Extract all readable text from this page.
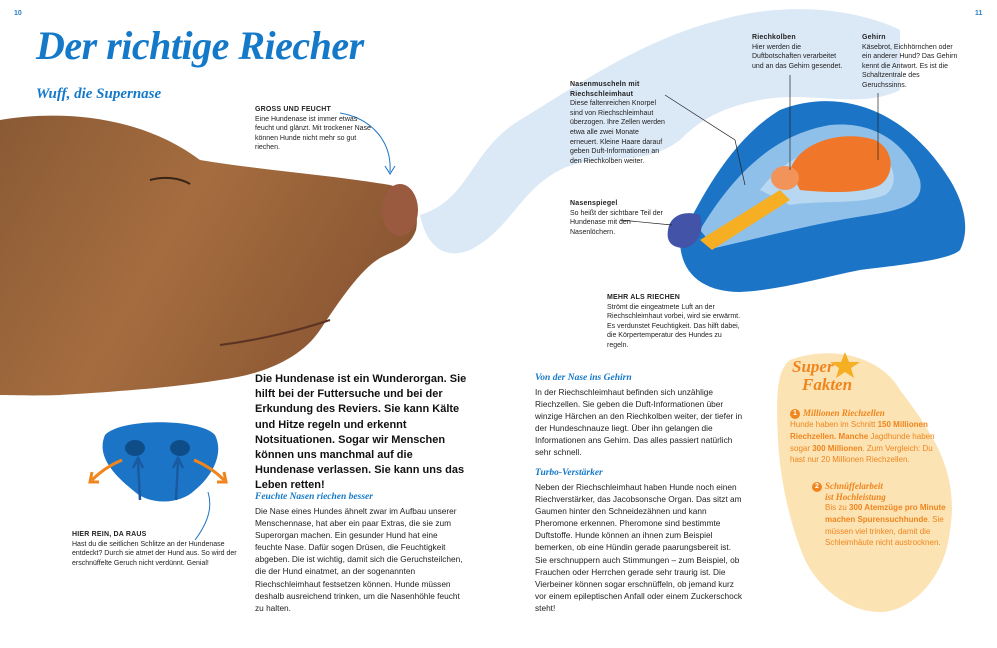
10	11
Der richtige Riecher
Wuff, die Supernase
GROSS UND FEUCHT
Eine Hundenase ist immer etwas feucht und glänzt. Mit trockener Nase können Hunde nicht mehr so gut riechen.
Nasenmuscheln mit Riechschleimhaut
Diese faltenreichen Knorpel sind von Riechschleimhaut überzogen. Ihre Zellen werden etwa alle zwei Monate erneuert. Kleine Haare darauf geben Duft-Informationen an den Riechkolben weiter.
Nasenspiegel
So heißt der sichtbare Teil der Hundenase mit den Nasenlöchern.
Riechkolben
Hier werden die Duftbotschaften verarbeitet und an das Gehirn gesendet.
Gehirn
Käsebrot, Eichhörnchen oder ein anderer Hund? Das Gehirn kennt die Antwort. Es ist die Schaltzentrale des Geruchssinns.
MEHR ALS RIECHEN
Strömt die eingeatmete Luft an der Riechschleimhaut vorbei, wird sie erwärmt. Es verdunstet Feuchtigkeit. Das hilft dabei, die Körpertemperatur des Hundes zu regeln.
HIER REIN, DA RAUS
Hast du die seitlichen Schlitze an der Hundenase entdeckt? Durch sie atmet der Hund aus. So wird der erschnüffelte Geruch nicht verdünnt. Genial!
Die Hundenase ist ein Wunderorgan. Sie hilft bei der Futtersuche und bei der Erkundung des Reviers. Sie kann Kälte und Hitze regeln und erkennt Notsituationen. Sogar wir Menschen können uns manchmal auf die Hundenase verlassen. Sie kann uns das Leben retten!
Feuchte Nasen riechen besser
Die Nase eines Hundes ähnelt zwar im Aufbau unserer Menschennase, hat aber ein paar Extras, die sie zum Superorgan machen. Ein gesunder Hund hat eine feuchte Nase. Dafür sogen Drüsen, die Feuchtigkeit abgeben. Die ist wichtig, damit sich die Geruchsteilchen, die der Hund einatmet, an der sogenannten Riechschleimhaut festsetzen können. Hunde müssen deshalb ausreichend trinken, um die Nasenhöhle feucht zu halten.
Von der Nase ins Gehirn
In der Riechschleimhaut befinden sich unzählige Riechzellen. Sie geben die Duft-Informationen über winzige Härchen an den Riechkolben weiter, der tiefer in der Hundeschnauze liegt. Über ihn gelangen die Informationen ans Gehirn. Das alles passiert natürlich sehr schnell.
Turbo-Verstärker
Neben der Riechschleimhaut haben Hunde noch einen Riechverstärker, das Jacobsonsche Organ. Das sitzt am Gaumen hinter den Schneidezähnen und kann Pheromone erkennen. Pheromone sind bestimmte Duftstoffe. Hunde können an ihnen zum Beispiel bemerken, ob eine Hündin gerade paarungsbereit ist. Sie erschnuppern auch Stimmungen – zum Beispiel, ob Frauchen oder Herrchen gerade sehr traurig ist. Die Vierbeiner können sogar erschnüffeln, ob jemand kurz vor einem epileptischen Anfall oder einem Zuckerschock steht!
Super
Fakten
1 Millionen Riechzellen
Hunde haben im Schnitt 150 Millionen Riechzellen. Manche Jagdhunde haben sogar 300 Millionen. Zum Vergleich: Du hast nur 20 Millionen Riechzellen.
2 Schnüffelarbeit
ist Hochleistung
Bis zu 300 Atemzüge pro Minute machen Spurensuchhunde. Sie müssen viel trinken, damit die Schleimhäute nicht austrocknen.
